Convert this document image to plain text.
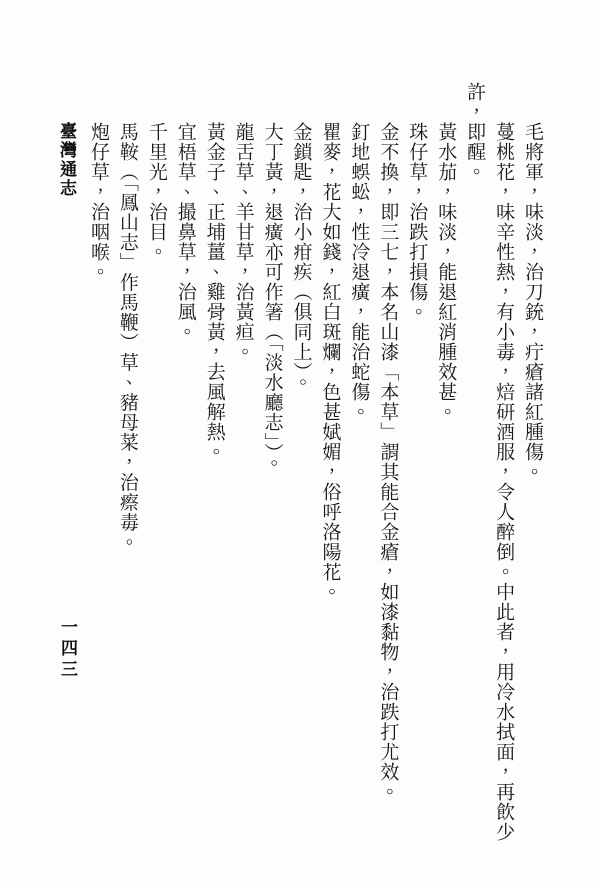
毛將軍，味淡，治刀銃，疔瘡諸紅腫傷。
蔓桃花，味辛性熱，有小毒，焙研酒服，令人醉倒。中此者，用冷水拭面，再飲少
許，即醒。
黃水茄，味淡，能退紅消腫效甚。
珠仔草，治跌打損傷。
金不換，即三七，本名山漆「本草」謂其能合金瘡，如漆黏物，治跌打尤效。
釘地蜈蚣，性冷退癀，能治蛇傷。
瞿麥，花大如錢，紅白斑爛，色甚娬媚，俗呼洛陽花。
金鎖匙，治小疳疾（俱同上）。
大丁黃，退癀亦可作箸（「淡水廳志」）。
龍舌草、羊甘草，治黃疸。
黃金子、正埔薑、雞骨黃，去風解熱。
宜梧草、撮鼻草，治風。
千里光，治目。
馬鞍（「鳳山志」作馬鞭）草、豬母菜，治瘵毒。
炮仔草，治咽喉。
臺灣通志
一四三
